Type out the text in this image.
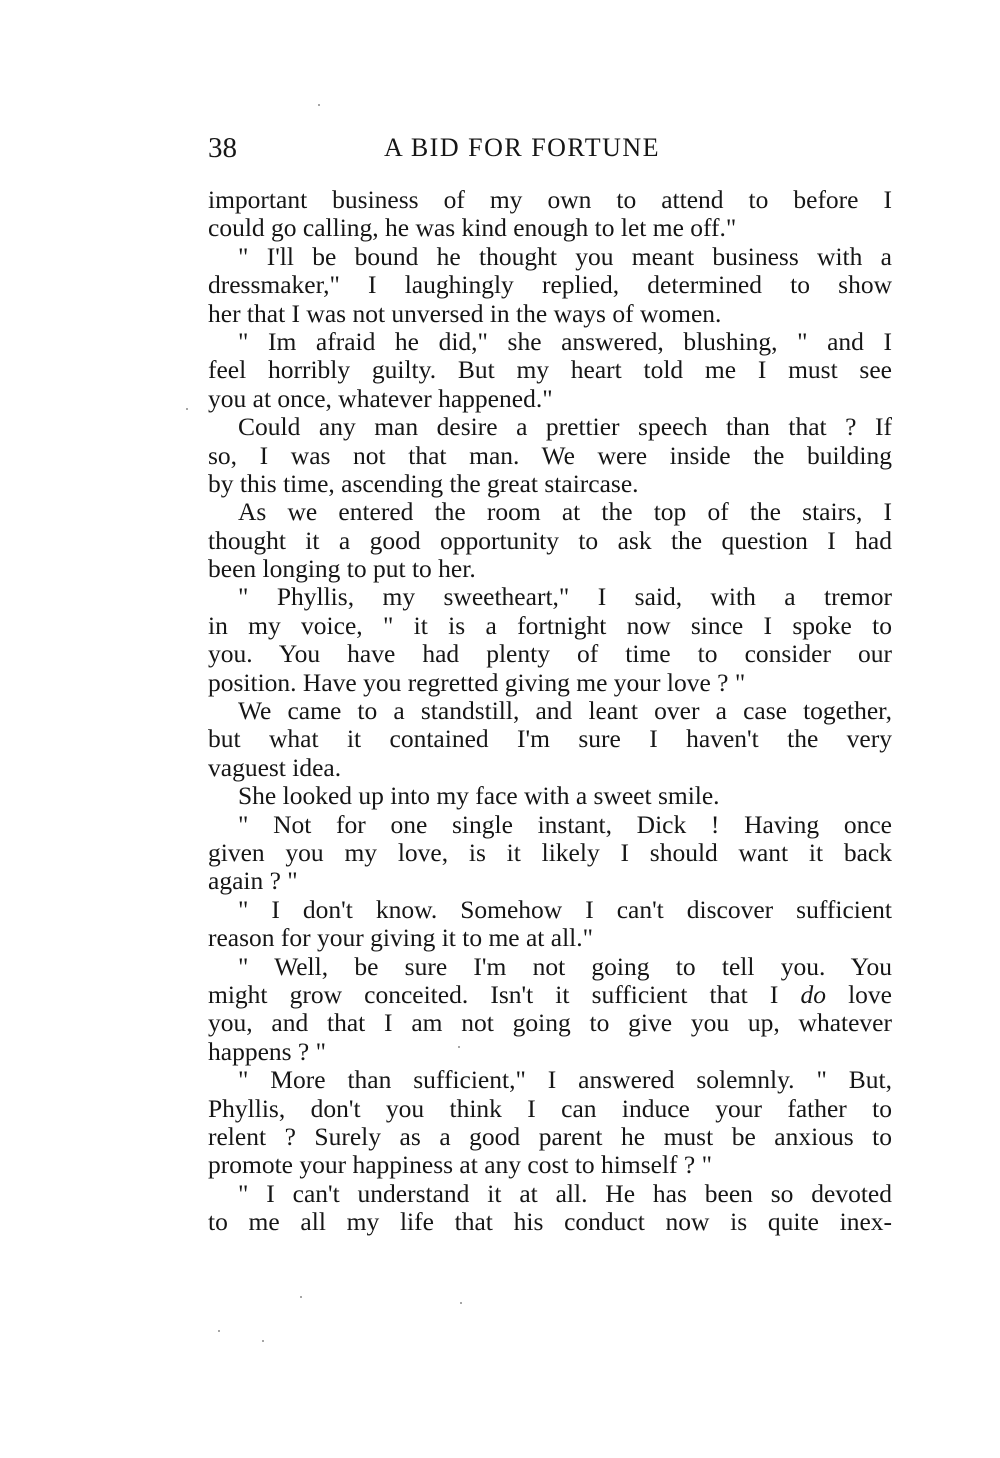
38	A BID FOR FORTUNE
important business of my own to attend to before I
could go calling, he was kind enough to let me off."
" I'll be bound he thought you meant business with a
dressmaker," I laughingly replied, determined to show
her that I was not unversed in the ways of women.
" Im afraid he did," she answered, blushing, " and I
feel horribly guilty. But my heart told me I must see
you at once, whatever happened."
Could any man desire a prettier speech than that ? If
so, I was not that man. We were inside the building
by this time, ascending the great staircase.
As we entered the room at the top of the stairs, I
thought it a good opportunity to ask the question I had
been longing to put to her.
" Phyllis, my sweetheart," I said, with a tremor
in my voice, " it is a fortnight now since I spoke to
you. You have had plenty of time to consider our
position. Have you regretted giving me your love ? "
We came to a standstill, and leant over a case together,
but what it contained I'm sure I haven't the very
vaguest idea.
She looked up into my face with a sweet smile.
" Not for one single instant, Dick ! Having once
given you my love, is it likely I should want it back
again ? "
" I don't know. Somehow I can't discover sufficient
reason for your giving it to me at all."
" Well, be sure I'm not going to tell you. You
might grow conceited. Isn't it sufficient that I do love
you, and that I am not going to give you up, whatever
happens ? "
" More than sufficient," I answered solemnly. " But,
Phyllis, don't you think I can induce your father to
relent ? Surely as a good parent he must be anxious to
promote your happiness at any cost to himself ? "
" I can't understand it at all. He has been so devoted
to me all my life that his conduct now is quite inex-
